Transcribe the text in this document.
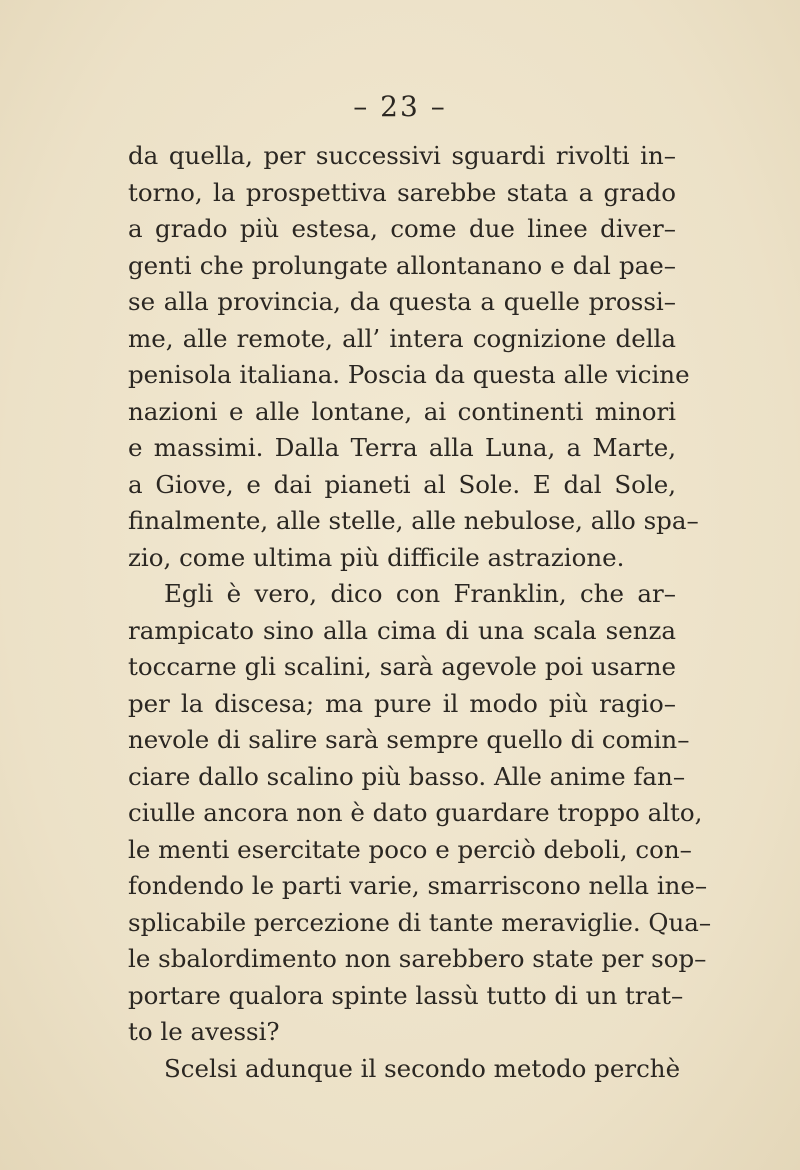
– 23 –
da quella, per successivi sguardi rivolti in–
torno, la prospettiva sarebbe stata a grado
a grado più estesa, come due linee diver–
genti che prolungate allontanano e dal pae–
se alla provincia, da questa a quelle prossi–
me, alle remote, all’ intera cognizione della
penisola italiana. Poscia da questa alle vicine
nazioni e alle lontane, ai continenti minori
e massimi. Dalla Terra alla Luna, a Marte,
a Giove, e dai pianeti al Sole. E dal Sole,
finalmente, alle stelle, alle nebulose, allo spa–
zio, come ultima più difficile astrazione.
Egli è vero, dico con Franklin, che ar–
rampicato sino alla cima di una scala senza
toccarne gli scalini, sarà agevole poi usarne
per la discesa; ma pure il modo più ragio–
nevole di salire sarà sempre quello di comin–
ciare dallo scalino più basso. Alle anime fan–
ciulle ancora non è dato guardare troppo alto,
le menti esercitate poco e perciò deboli, con–
fondendo le parti varie, smarriscono nella ine–
splicabile percezione di tante meraviglie. Qua–
le sbalordimento non sarebbero state per sop–
portare qualora spinte lassù tutto di un trat–
to le avessi?
Scelsi adunque il secondo metodo perchè
